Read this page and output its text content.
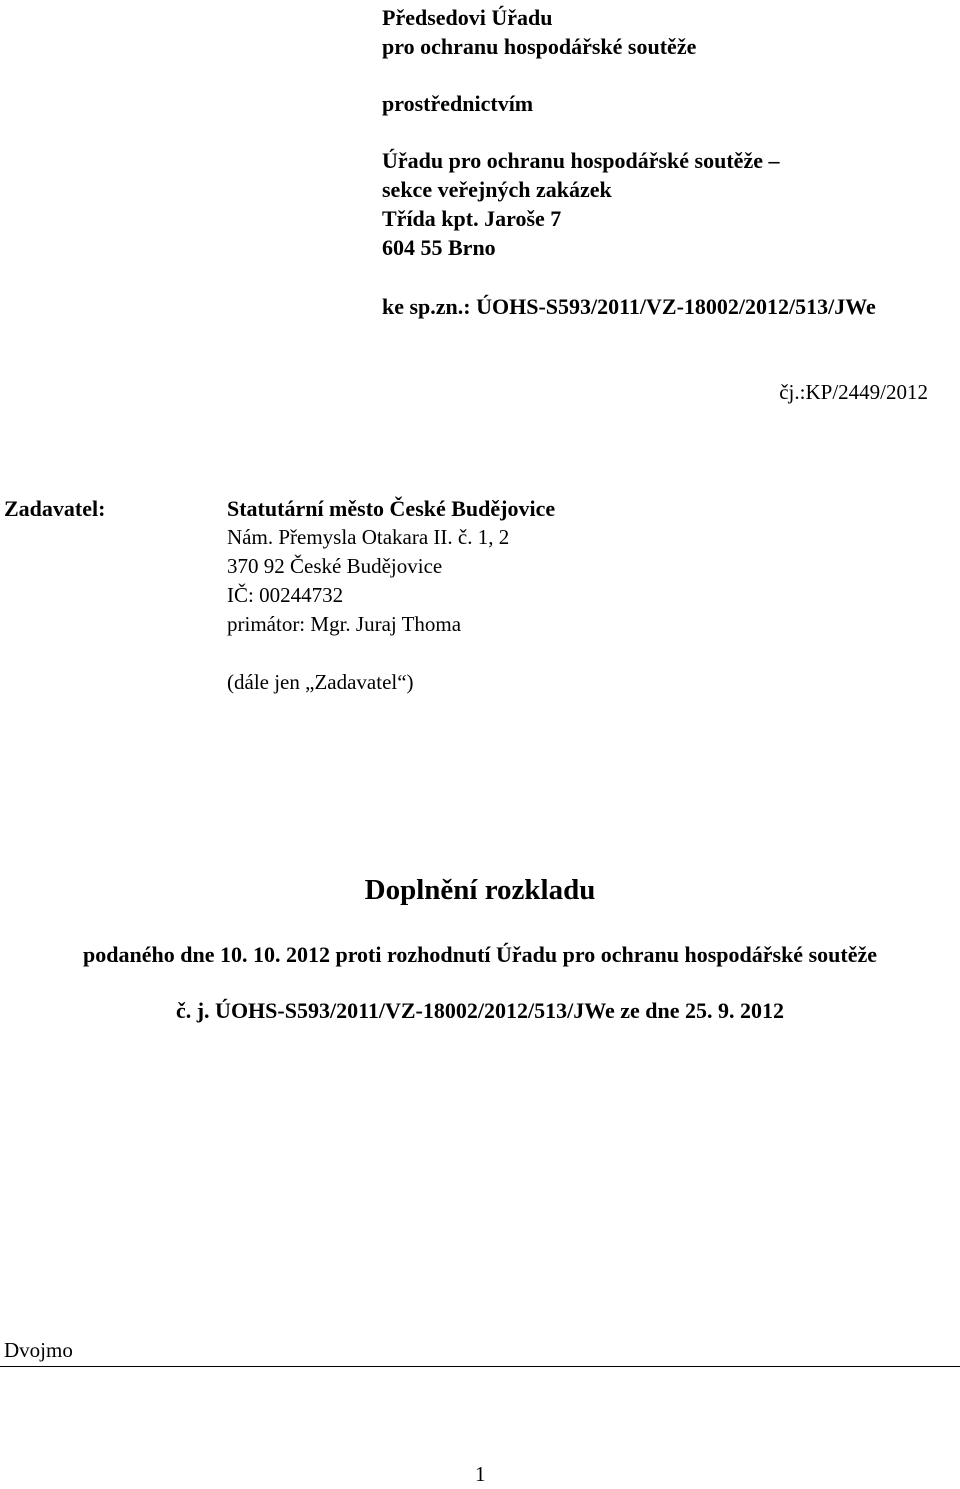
Předsedovi Úřadu
pro ochranu hospodářské soutěže
prostřednictvím
Úřadu pro ochranu hospodářské soutěže –
sekce veřejných zakázek
Třída kpt. Jaroše 7
604 55 Brno
ke sp.zn.: ÚOHS-S593/2011/VZ-18002/2012/513/JWe
čj.:KP/2449/2012
Zadavatel:	Statutární město České Budějovice
Nám. Přemysla Otakara II. č. 1, 2
370 92 České Budějovice
IČ: 00244732
primátor: Mgr. Juraj Thoma
(dále jen „Zadavatel“)
Doplnění rozkladu
podaného dne 10. 10. 2012 proti rozhodnutí Úřadu pro ochranu hospodářské soutěže
č. j. ÚOHS-S593/2011/VZ-18002/2012/513/JWe ze dne 25. 9. 2012
Dvojmo
1
